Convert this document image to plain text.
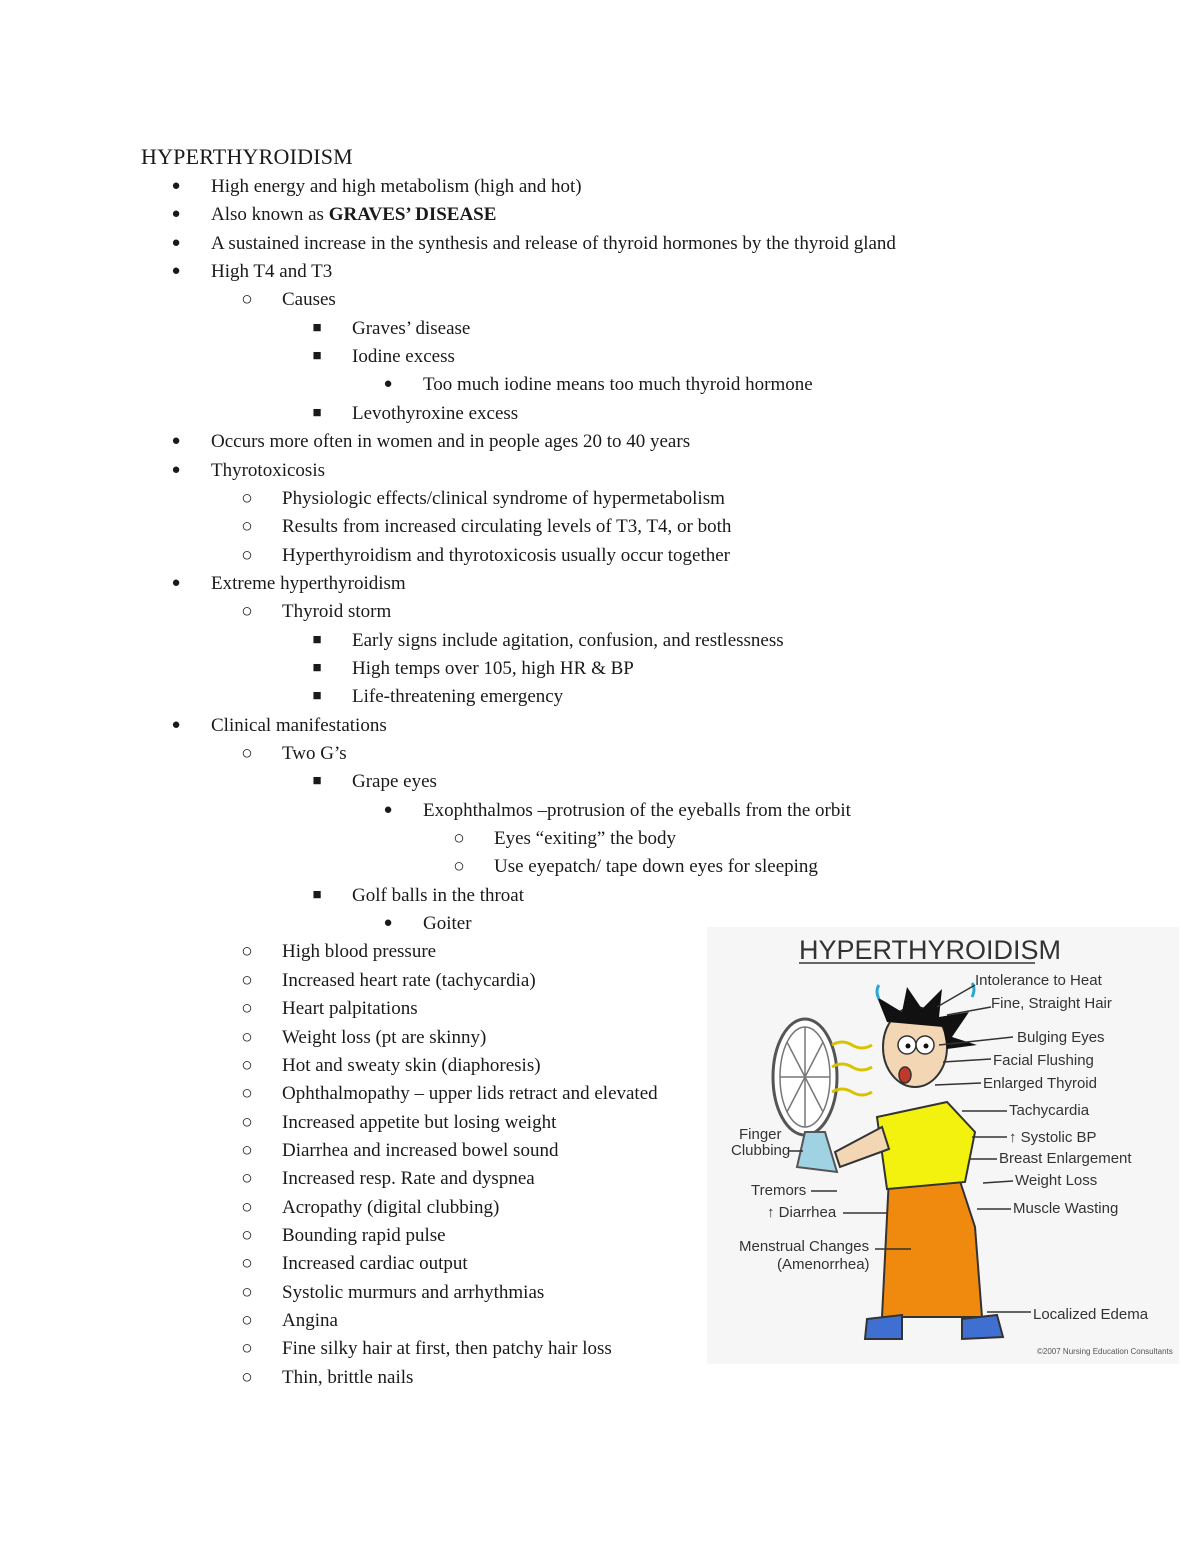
HYPERTHYROIDISM
● High energy and high metabolism (high and hot)
● Also known as GRAVES’ DISEASE
● A sustained increase in the synthesis and release of thyroid hormones by the thyroid gland
● High T4 and T3
○ Causes
■ Graves’ disease
■ Iodine excess
● Too much iodine means too much thyroid hormone
■ Levothyroxine excess
● Occurs more often in women and in people ages 20 to 40 years
● Thyrotoxicosis
○ Physiologic effects/clinical syndrome of hypermetabolism
○ Results from increased circulating levels of T3, T4, or both
○ Hyperthyroidism and thyrotoxicosis usually occur together
● Extreme hyperthyroidism
○ Thyroid storm
■ Early signs include agitation, confusion, and restlessness
■ High temps over 105, high HR & BP
■ Life-threatening emergency
● Clinical manifestations
○ Two G’s
■ Grape eyes
● Exophthalmos –protrusion of the eyeballs from the orbit
○ Eyes “exiting” the body
○ Use eyepatch/ tape down eyes for sleeping
■ Golf balls in the throat
● Goiter
○ High blood pressure
○ Increased heart rate (tachycardia)
○ Heart palpitations
○ Weight loss (pt are skinny)
○ Hot and sweaty skin (diaphoresis)
○ Ophthalmopathy – upper lids retract and elevated
○ Increased appetite but losing weight
○ Diarrhea and increased bowel sound
○ Increased resp. Rate and dyspnea
○ Acropathy (digital clubbing)
○ Bounding rapid pulse
○ Increased cardiac output
○ Systolic murmurs and arrhythmias
○ Angina
○ Fine silky hair at first, then patchy hair loss
○ Thin, brittle nails
HYPERTHYROIDISM
Intolerance to Heat
Fine, Straight Hair
Bulging Eyes
Facial Flushing
Enlarged Thyroid
Tachycardia
↑ Systolic BP
Breast Enlargement
Weight Loss
Muscle Wasting
Localized Edema
Finger
Clubbing
Tremors
↑ Diarrhea
Menstrual Changes
(Amenorrhea)
©2007 Nursing Education Consultants
